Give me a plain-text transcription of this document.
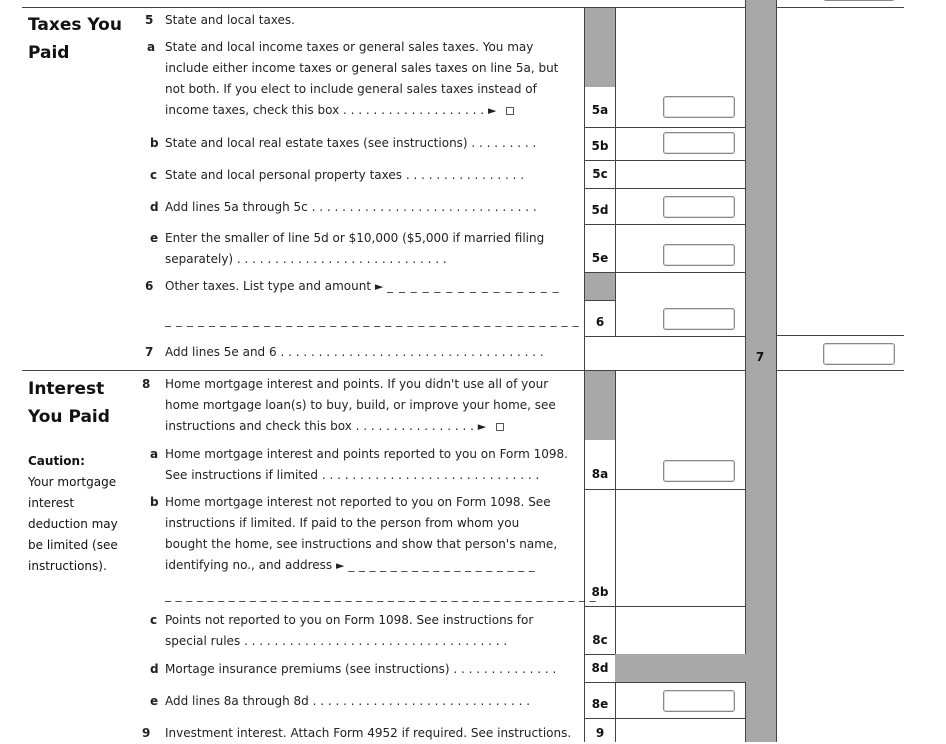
Taxes You
Paid
Interest
You Paid
Caution:
Your mortgage
interest
deduction may
be limited (see
instructions).
5 State and local taxes.
a State and local income taxes or general sales taxes. You may
include either income taxes or general sales taxes on line 5a, but
not both. If you elect to include general sales taxes instead of
income taxes, check this box . . . . . . . . . . . . . . . . . . . ►	5a
b State and local real estate taxes (see instructions) . . . . . . . . .	5b
c State and local personal property taxes . . . . . . . . . . . . . . . .	5c
d Add lines 5a through 5c . . . . . . . . . . . . . . . . . . . . . . . . . . . . . .	5d
e Enter the smaller of line 5d or $10,000 ($5,000 if married filing
separately) . . . . . . . . . . . . . . . . . . . . . . . . . . . .	5e
6 Other taxes. List type and amount ► _ _ _ _ _ _ _ _ _ _ _ _ _ _ _
_ _ _ _ _ _ _ _ _ _ _ _ _ _ _ _ _ _ _ _ _ _ _ _ _ _ _ _ _ _ _ _ _ _ _ _ _ _	6
7 Add lines 5e and 6 . . . . . . . . . . . . . . . . . . . . . . . . . . . . . . . . . . .	7
8 Home mortgage interest and points. If you didn't use all of your
home mortgage loan(s) to buy, build, or improve your home, see
instructions and check this box . . . . . . . . . . . . . . . . ►
a Home mortgage interest and points reported to you on Form 1098.
See instructions if limited . . . . . . . . . . . . . . . . . . . . . . . . . . . . .	8a
b Home mortgage interest not reported to you on Form 1098. See
instructions if limited. If paid to the person from whom you
bought the home, see instructions and show that person's name,
identifying no., and address ► _ _ _ _ _ _ _ _ _ _ _ _ _ _ _ _ _ _
_ _ _ _ _ _ _ _ _ _ _ _ _ _ _ _ _ _ _ _ _ _ _ _ _ _ _ _ _ _ _ _ _ _ _ _ _ _ _ _ _
8b
c Points not reported to you on Form 1098. See instructions for
special rules . . . . . . . . . . . . . . . . . . . . . . . . . . . . . . . . . . .	8c
d Mortage insurance premiums (see instructions) . . . . . . . . . . . . . .	8d
e Add lines 8a through 8d . . . . . . . . . . . . . . . . . . . . . . . . . . . . .	8e
9 Investment interest. Attach Form 4952 if required. See instructions.	9
